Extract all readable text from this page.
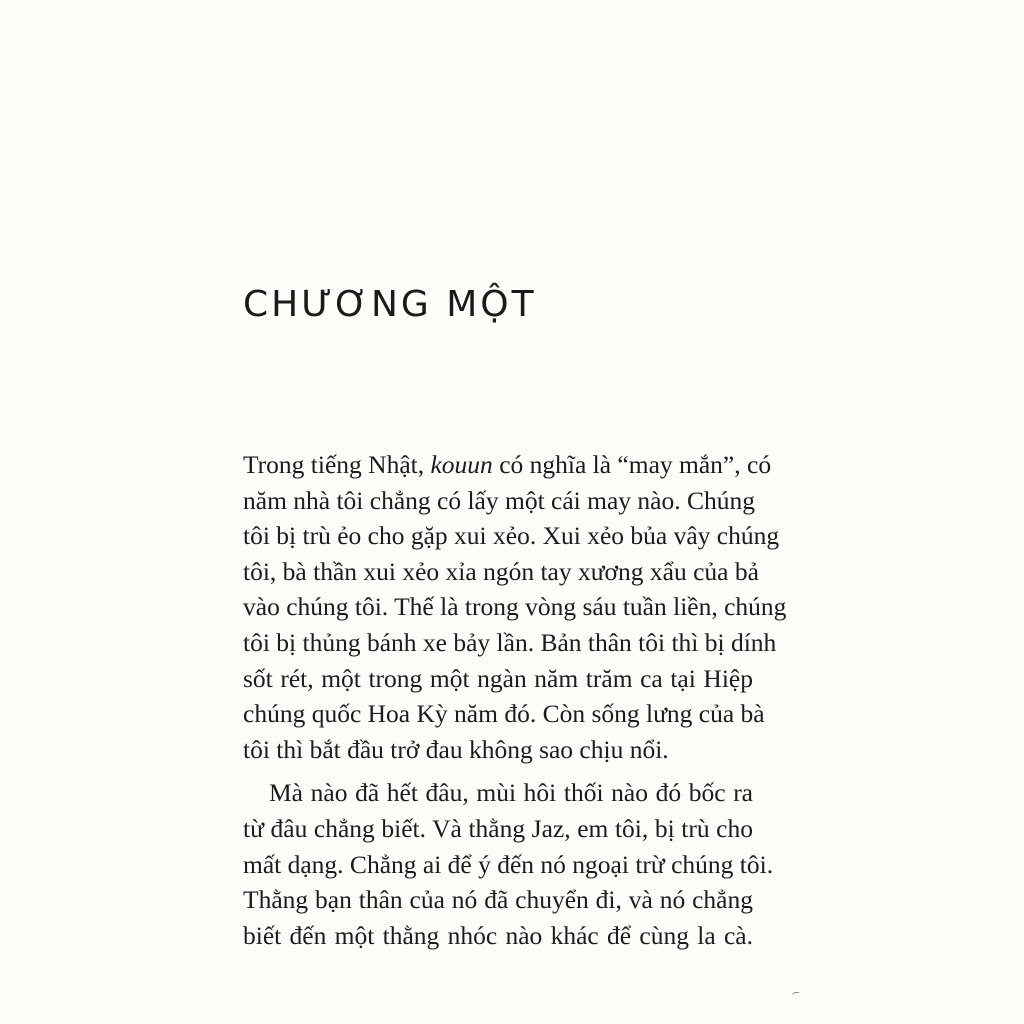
CHƯƠNG MỘT
Trong tiếng Nhật, kouun có nghĩa là “may mắn”, có
năm nhà tôi chẳng có lấy một cái may nào. Chúng
tôi bị trù ẻo cho gặp xui xẻo. Xui xẻo bủa vây chúng
tôi, bà thần xui xẻo xỉa ngón tay xương xẩu của bả
vào chúng tôi. Thế là trong vòng sáu tuần liền, chúng
tôi bị thủng bánh xe bảy lần. Bản thân tôi thì bị dính
sốt rét, một trong một ngàn năm trăm ca tại Hiệp
chúng quốc Hoa Kỳ năm đó. Còn sống lưng của bà
tôi thì bắt đầu trở đau không sao chịu nổi.
Mà nào đã hết đâu, mùi hôi thối nào đó bốc ra
từ đâu chẳng biết. Và thằng Jaz, em tôi, bị trù cho
mất dạng. Chẳng ai để ý đến nó ngoại trừ chúng tôi.
Thằng bạn thân của nó đã chuyển đi, và nó chẳng
biết đến một thằng nhóc nào khác để cùng la cà.
